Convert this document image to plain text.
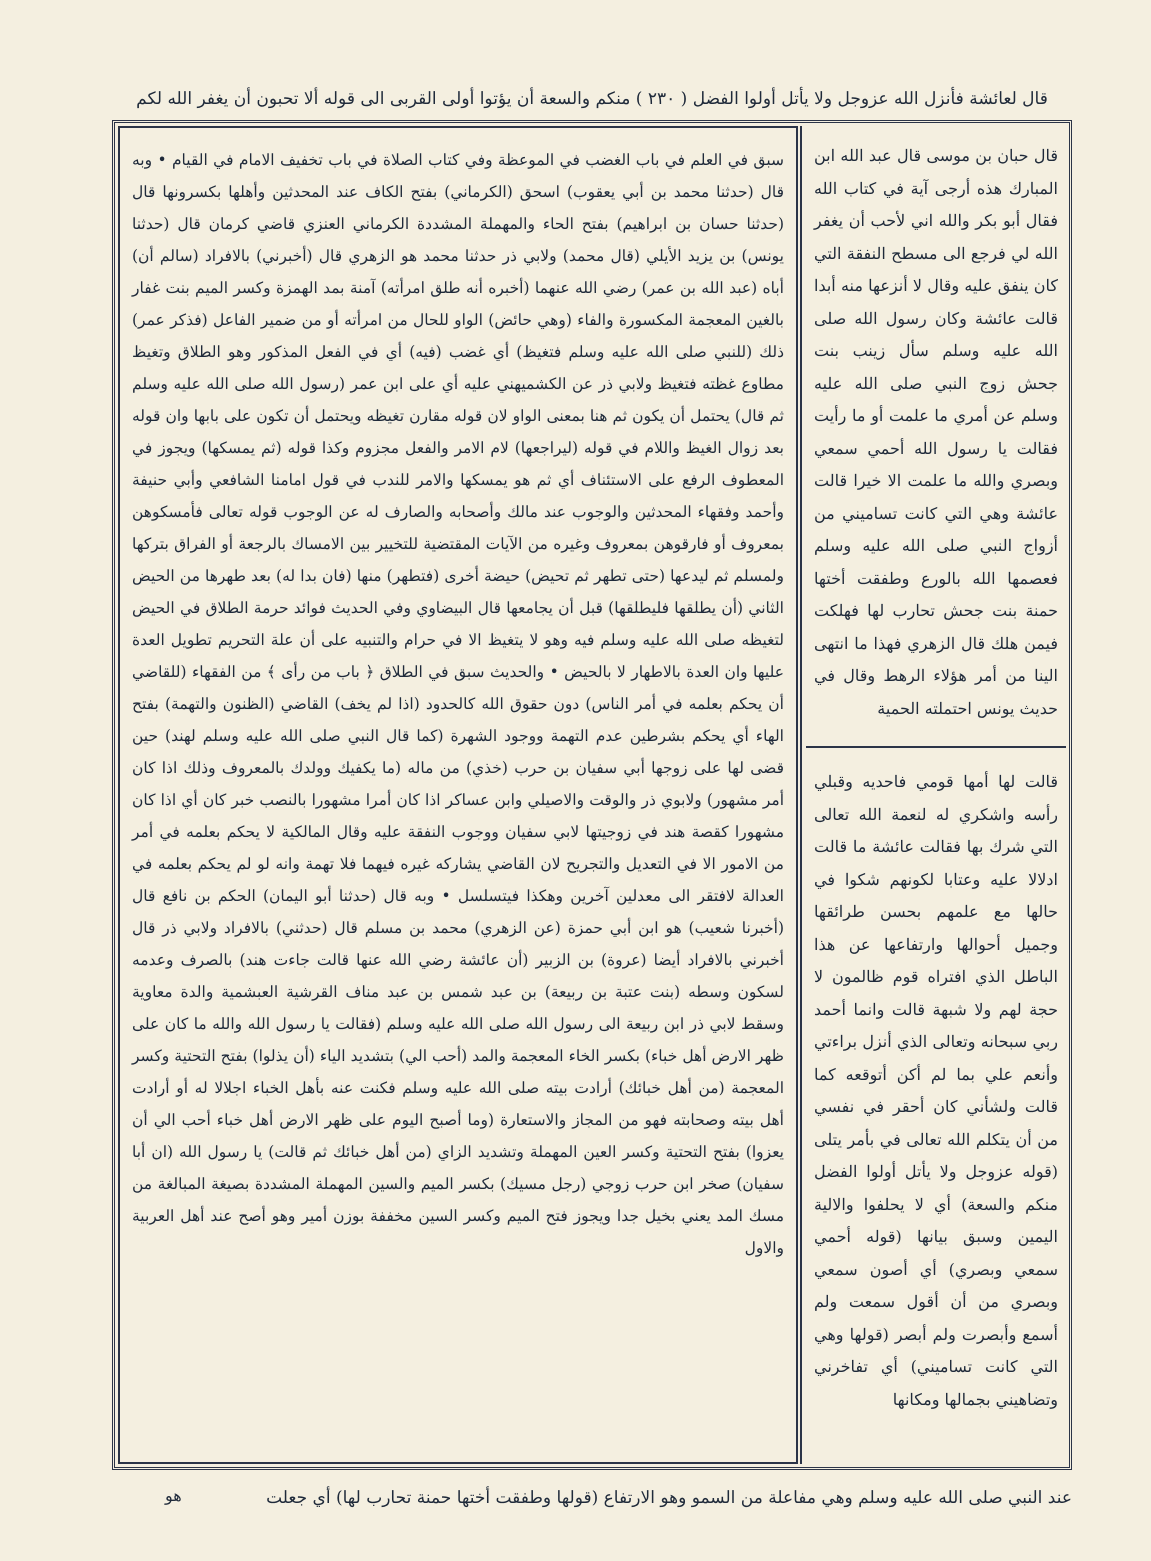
قال لعائشة فأنزل الله عزوجل ولا يأتل أولوا الفضل ( ٢٣٠ ) منكم والسعة أن يؤتوا أولى القربى الى قوله ألا تحبون أن يغفر الله لكم

سبق في العلم في باب الغضب في الموعظة وفي كتاب الصلاة في باب تخفيف الامام في القيام • وبه قال (حدثنا محمد بن أبي يعقوب) اسحق (الكرماني) بفتح الكاف عند المحدثين وأهلها بكسرونها قال (حدثنا حسان بن ابراهيم) بفتح الحاء والمهملة المشددة الكرماني العنزي قاضي كرمان قال (حدثنا يونس) بن يزيد الأيلي (قال محمد) ولابي ذر حدثنا محمد هو الزهري قال (أخبرني) بالافراد (سالم أن) أباه (عبد الله بن عمر) رضي الله عنهما (أخبره أنه طلق امرأته) آمنة بمد الهمزة وكسر الميم بنت غفار بالغين المعجمة المكسورة والفاء (وهي حائض) الواو للحال من امرأته أو من ضمير الفاعل (فذكر عمر) ذلك (للنبي صلى الله عليه وسلم فتغيظ) أي غضب (فيه) أي في الفعل المذكور وهو الطلاق وتغيظ مطاوع غظته فتغيظ ولابي ذر عن الكشميهني عليه أي على ابن عمر (رسول الله صلى الله عليه وسلم ثم قال) يحتمل أن يكون ثم هنا بمعنى الواو لان قوله مقارن تغيظه ويحتمل أن تكون على بابها وان قوله بعد زوال الغيظ واللام في قوله (ليراجعها) لام الامر والفعل مجزوم وكذا قوله (ثم يمسكها) ويجوز في المعطوف الرفع على الاستئناف أي ثم هو يمسكها والامر للندب في قول امامنا الشافعي وأبي حنيفة وأحمد وفقهاء المحدثين والوجوب عند مالك وأصحابه والصارف له عن الوجوب قوله تعالى فأمسكوهن بمعروف أو فارقوهن بمعروف وغيره من الآيات المقتضية للتخيير بين الامساك بالرجعة أو الفراق بتركها ولمسلم ثم ليدعها (حتى تطهر ثم تحيض) حيضة أخرى (فتطهر) منها (فان بدا له) بعد طهرها من الحيض الثاني (أن يطلقها فليطلقها) قبل أن يجامعها قال البيضاوي وفي الحديث فوائد حرمة الطلاق في الحيض لتغيظه صلى الله عليه وسلم فيه وهو لا يتغيظ الا في حرام والتنبيه على أن علة التحريم تطويل العدة عليها وان العدة بالاطهار لا بالحيض • والحديث سبق في الطلاق ﴿ باب من رأى ﴾ من الفقهاء (للقاضي أن يحكم بعلمه في أمر الناس) دون حقوق الله كالحدود (اذا لم يخف) القاضي (الظنون والتهمة) بفتح الهاء أي يحكم بشرطين عدم التهمة ووجود الشهرة (كما قال النبي صلى الله عليه وسلم لهند) حين قضى لها على زوجها أبي سفيان بن حرب (خذي) من ماله (ما يكفيك وولدك بالمعروف وذلك اذا كان أمر مشهور) ولابوي ذر والوقت والاصيلي وابن عساكر اذا كان أمرا مشهورا بالنصب خبر كان أي اذا كان مشهورا كقصة هند في زوجيتها لابي سفيان ووجوب النفقة عليه وقال المالكية لا يحكم بعلمه في أمر من الامور الا في التعديل والتجريح لان القاضي يشاركه غيره فيهما فلا تهمة وانه لو لم يحكم بعلمه في العدالة لافتقر الى معدلين آخرين وهكذا فيتسلسل • وبه قال (حدثنا أبو اليمان) الحكم بن نافع قال (أخبرنا شعيب) هو ابن أبي حمزة (عن الزهري) محمد بن مسلم قال (حدثني) بالافراد ولابي ذر قال أخبرني بالافراد أيضا (عروة) بن الزبير (أن عائشة رضي الله عنها قالت جاءت هند) بالصرف وعدمه لسكون وسطه (بنت عتبة بن ربيعة) بن عبد شمس بن عبد مناف القرشية العبشمية والدة معاوية وسقط لابي ذر ابن ربيعة الى رسول الله صلى الله عليه وسلم (فقالت يا رسول الله والله ما كان على ظهر الارض أهل خباء) بكسر الخاء المعجمة والمد (أحب الي) بتشديد الياء (أن يذلوا) بفتح التحتية وكسر المعجمة (من أهل خبائك) أرادت بيته صلى الله عليه وسلم فكنت عنه بأهل الخباء اجلالا له أو أرادت أهل بيته وصحابته فهو من المجاز والاستعارة (وما أصبح اليوم على ظهر الارض أهل خباء أحب الي أن يعزوا) بفتح التحتية وكسر العين المهملة وتشديد الزاي (من أهل خبائك ثم قالت) يا رسول الله (ان أبا سفيان) صخر ابن حرب زوجي (رجل مسيك) بكسر الميم والسين المهملة المشددة بصيغة المبالغة من مسك المد يعني بخيل جدا ويجوز فتح الميم وكسر السين مخففة بوزن أمير وهو أصح عند أهل العربية والاول

قال حبان بن موسى قال عبد الله ابن المبارك هذه أرجى آية في كتاب الله فقال أبو بكر والله اني لأحب أن يغفر الله لي فرجع الى مسطح النفقة التي كان ينفق عليه وقال لا أنزعها منه أبدا قالت عائشة وكان رسول الله صلى الله عليه وسلم سأل زينب بنت جحش زوج النبي صلى الله عليه وسلم عن أمري ما علمت أو ما رأيت فقالت يا رسول الله أحمي سمعي وبصري والله ما علمت الا خيرا قالت عائشة وهي التي كانت تساميني من أزواج النبي صلى الله عليه وسلم فعصمها الله بالورع وطفقت أختها حمنة بنت جحش تحارب لها فهلكت فيمن هلك قال الزهري فهذا ما انتهى الينا من أمر هؤلاء الرهط وقال في حديث يونس احتملته الحمية

قالت لها أمها قومي فاحديه وقبلي رأسه واشكري له لنعمة الله تعالى التي شرك بها فقالت عائشة ما قالت ادلالا عليه وعتابا لكونهم شكوا في حالها مع علمهم بحسن طرائقها وجميل أحوالها وارتفاعها عن هذا الباطل الذي افتراه قوم ظالمون لا حجة لهم ولا شبهة قالت وانما أحمد ربي سبحانه وتعالى الذي أنزل براءتي وأنعم علي بما لم أكن أتوقعه كما قالت ولشأني كان أحقر في نفسي من أن يتكلم الله تعالى في بأمر يتلى (قوله عزوجل ولا يأتل أولوا الفضل منكم والسعة) أي لا يحلفوا والالية اليمين وسبق بيانها (قوله أحمي سمعي وبصري) أي أصون سمعي وبصري من أن أقول سمعت ولم أسمع وأبصرت ولم أبصر (قولها وهي التي كانت تساميني) أي تفاخرني وتضاهيني بجمالها ومكانها

عند النبي صلى الله عليه وسلم وهي مفاعلة من السمو وهو الارتفاع (قولها وطفقت أختها حمنة تحارب لها) أي جعلت
هو
